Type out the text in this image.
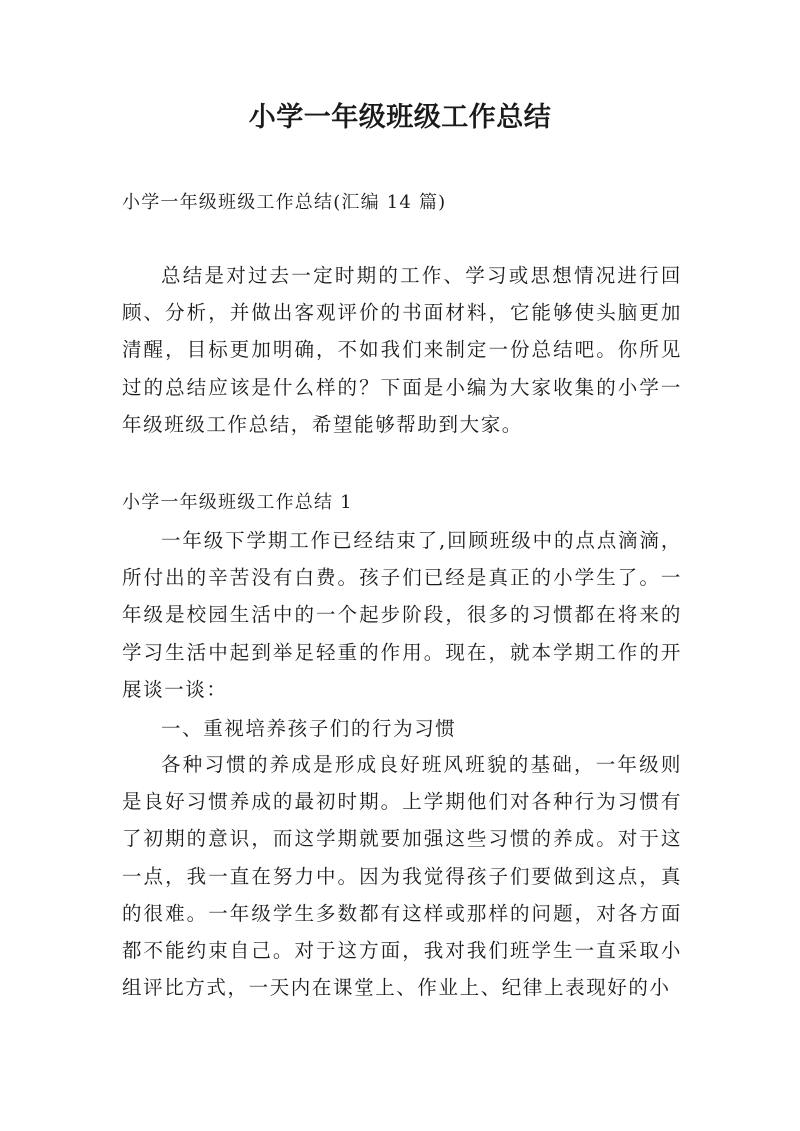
小学一年级班级工作总结
小学一年级班级工作总结(汇编 14 篇)

总结是对过去一定时期的工作、学习或思想情况进行回顾、分析，并做出客观评价的书面材料，它能够使头脑更加清醒，目标更加明确，不如我们来制定一份总结吧。你所见过的总结应该是什么样的？下面是小编为大家收集的小学一年级班级工作总结，希望能够帮助到大家。

小学一年级班级工作总结 1

一年级下学期工作已经结束了,回顾班级中的点点滴滴，所付出的辛苦没有白费。孩子们已经是真正的小学生了。一年级是校园生活中的一个起步阶段，很多的习惯都在将来的学习生活中起到举足轻重的作用。现在，就本学期工作的开展谈一谈：

一、重视培养孩子们的行为习惯

各种习惯的养成是形成良好班风班貌的基础，一年级则是良好习惯养成的最初时期。上学期他们对各种行为习惯有了初期的意识，而这学期就要加强这些习惯的养成。对于这一点，我一直在努力中。因为我觉得孩子们要做到这点，真的很难。一年级学生多数都有这样或那样的问题，对各方面都不能约束自己。对于这方面，我对我们班学生一直采取小组评比方式，一天内在课堂上、作业上、纪律上表现好的小
